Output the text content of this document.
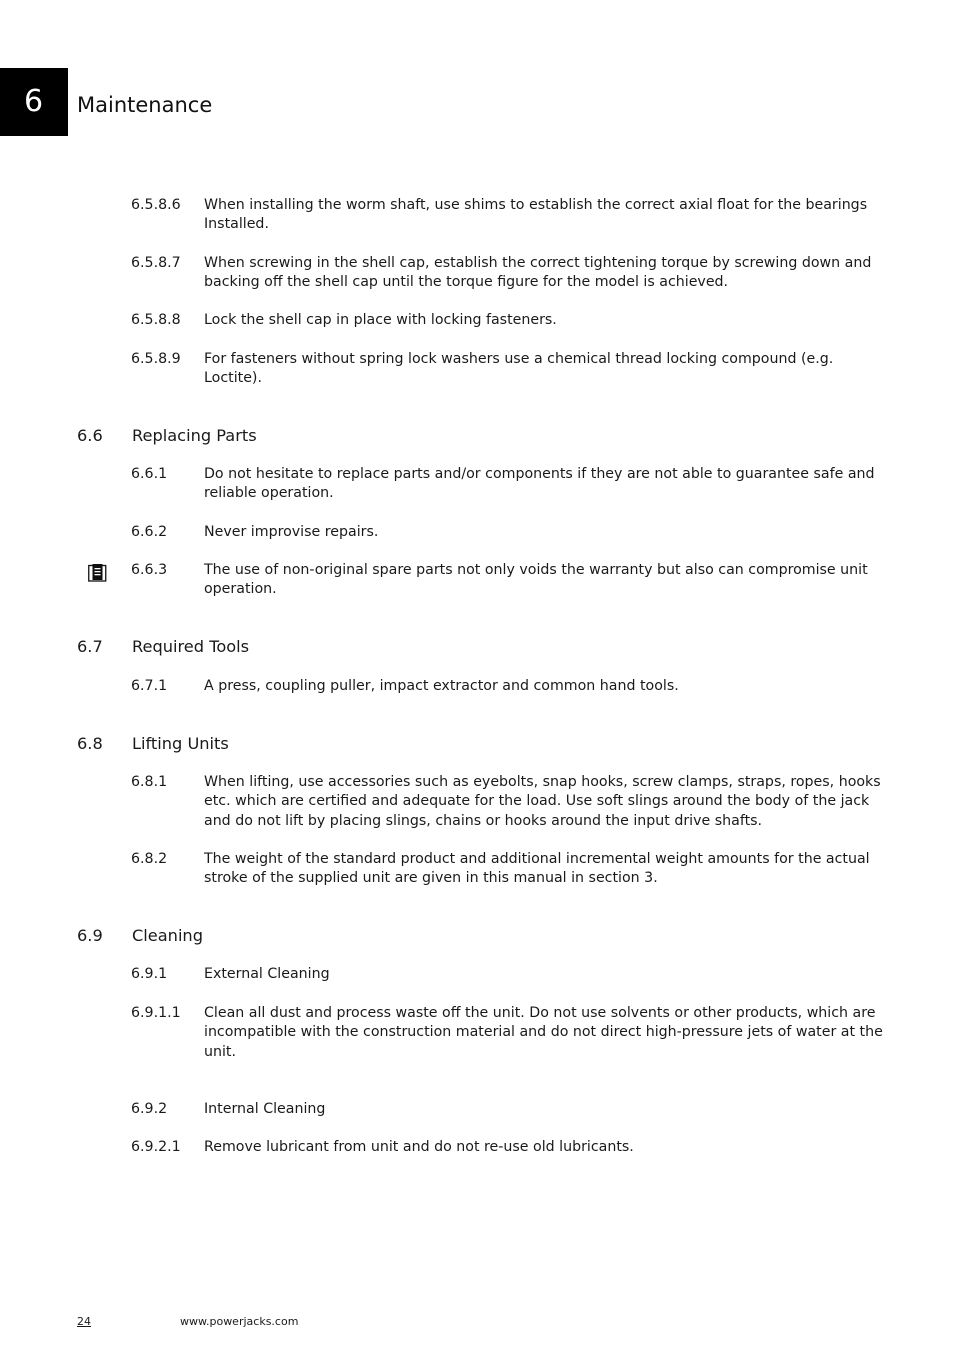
6	Maintenance
6.5.8.6 When installing the worm shaft, use shims to establish the correct axial float for the bearings Installed.
6.5.8.7 When screwing in the shell cap, establish the correct tightening torque by screwing down and backing off the shell cap until the torque figure for the model is achieved.
6.5.8.8 Lock the shell cap in place with locking fasteners.
6.5.8.9 For fasteners without spring lock washers use a chemical thread locking compound (e.g. Loctite).
6.6 Replacing Parts
6.6.1	Do not hesitate to replace parts and/or components if they are not able to guarantee safe and reliable operation.
6.6.2	Never improvise repairs.
6.6.3	The use of non-original spare parts not only voids the warranty but also can compromise unit operation.
6.7 Required Tools
6.7.1	A press, coupling puller, impact extractor and common hand tools.
6.8 Lifting Units
6.8.1	When lifting, use accessories such as eyebolts, snap hooks, screw clamps, straps, ropes, hooks etc. which are certified and adequate for the load. Use soft slings around the body of the jack and do not lift by placing slings, chains or hooks around the input drive shafts.
6.8.2	The weight of the standard product and additional incremental weight amounts for the actual stroke of the supplied unit are given in this manual in section 3.
6.9 Cleaning
6.9.1	External Cleaning
6.9.1.1 Clean all dust and process waste off the unit. Do not use solvents or other products, which are incompatible with the construction material and do not direct high-pressure jets of water at the unit.
6.9.2	Internal Cleaning
6.9.2.1 Remove lubricant from unit and do not re-use old lubricants.
24	www.powerjacks.com
